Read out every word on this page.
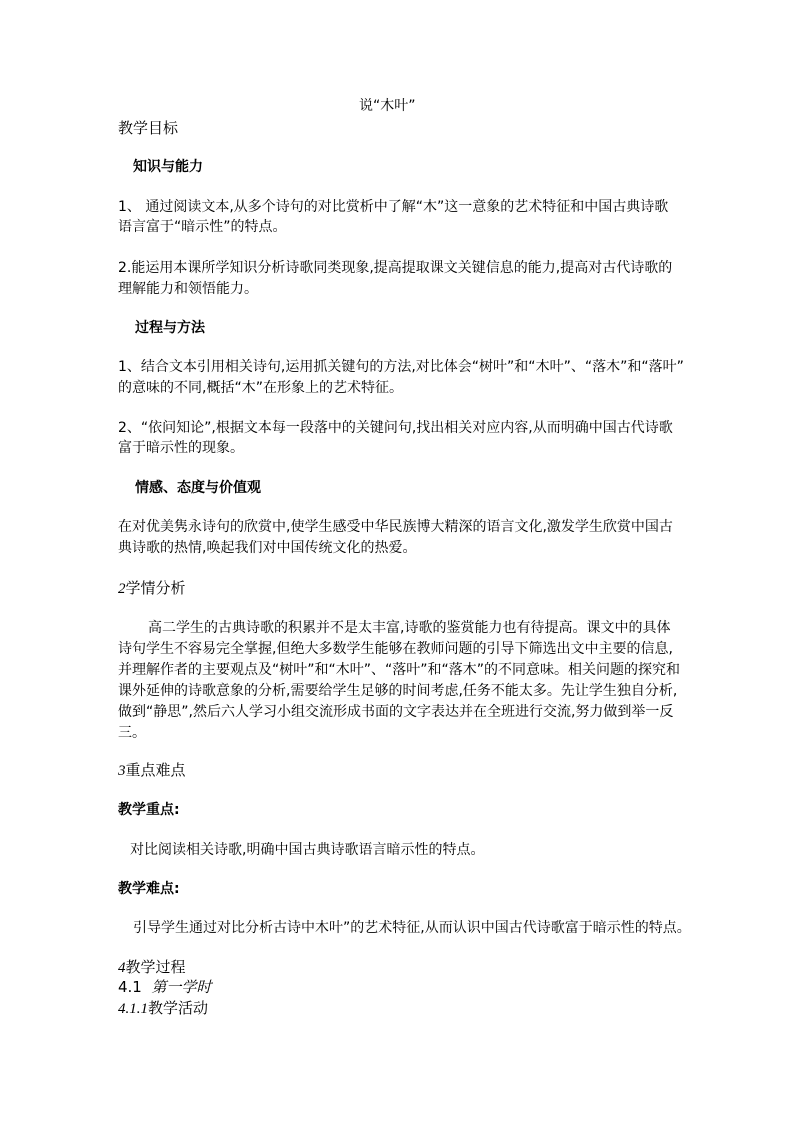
说“木叶”
教学目标
知识与能力
1、 通过阅读文本,从多个诗句的对比赏析中了解“木”这一意象的艺术特征和中国古典诗歌
语言富于“暗示性”的特点。
2.能运用本课所学知识分析诗歌同类现象,提高提取课文关键信息的能力,提高对古代诗歌的
理解能力和领悟能力。
过程与方法
1、结合文本引用相关诗句,运用抓关键句的方法,对比体会“树叶”和“木叶”、“落木”和“落叶”
的意味的不同,概括“木”在形象上的艺术特征。
2、“依问知论”,根据文本每一段落中的关键问句,找出相关对应内容,从而明确中国古代诗歌
富于暗示性的现象。
情感、态度与价值观
在对优美隽永诗句的欣赏中,使学生感受中华民族博大精深的语言文化,激发学生欣赏中国古
典诗歌的热情,唤起我们对中国传统文化的热爱。
2学情分析
高二学生的古典诗歌的积累并不是太丰富,诗歌的鉴赏能力也有待提高。课文中的具体
诗句学生不容易完全掌握,但绝大多数学生能够在教师问题的引导下筛选出文中主要的信息,
并理解作者的主要观点及“树叶”和“木叶”、“落叶”和“落木”的不同意味。相关问题的探究和
课外延伸的诗歌意象的分析,需要给学生足够的时间考虑,任务不能太多。先让学生独自分析,
做到“静思”,然后六人学习小组交流形成书面的文字表达并在全班进行交流,努力做到举一反
三。
3重点难点
教学重点:
对比阅读相关诗歌,明确中国古典诗歌语言暗示性的特点。
教学难点:
引导学生通过对比分析古诗中木叶”的艺术特征,从而认识中国古代诗歌富于暗示性的特点。
4教学过程
4.1 第一学时
4.1.1教学活动
